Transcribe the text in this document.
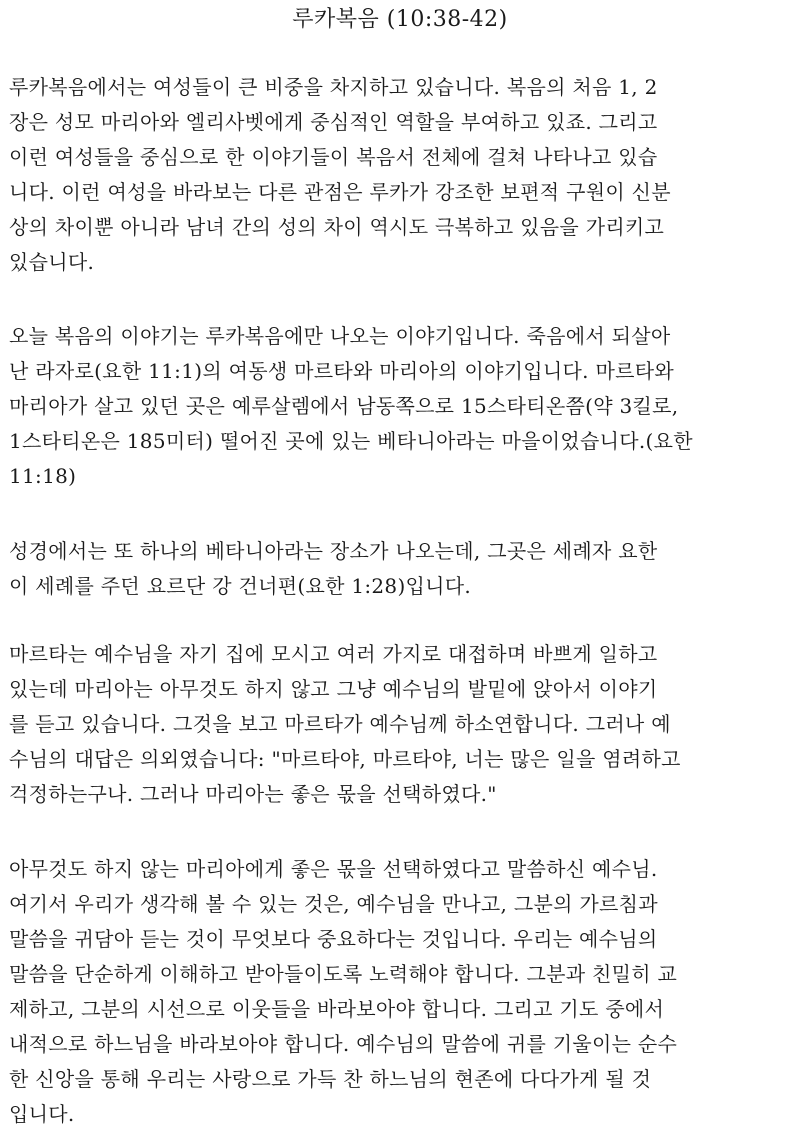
루카복음 (10:38-42)

루카복음에서는 여성들이 큰 비중을 차지하고 있습니다. 복음의 처음 1, 2
장은 성모 마리아와 엘리사벳에게 중심적인 역할을 부여하고 있죠. 그리고
이런 여성들을 중심으로 한 이야기들이 복음서 전체에 걸쳐 나타나고 있습
니다. 이런 여성을 바라보는 다른 관점은 루카가 강조한 보편적 구원이 신분
상의 차이뿐 아니라 남녀 간의 성의 차이 역시도 극복하고 있음을 가리키고
있습니다.

오늘 복음의 이야기는 루카복음에만 나오는 이야기입니다. 죽음에서 되살아
난 라자로(요한 11:1)의 여동생 마르타와 마리아의 이야기입니다. 마르타와
마리아가 살고 있던 곳은 예루살렘에서 남동쪽으로 15스타티온쯤(약 3킬로,
1스타티온은 185미터) 떨어진 곳에 있는 베타니아라는 마을이었습니다.(요한
11:18)

성경에서는 또 하나의 베타니아라는 장소가 나오는데, 그곳은 세례자 요한
이 세례를 주던 요르단 강 건너편(요한 1:28)입니다.

마르타는 예수님을 자기 집에 모시고 여러 가지로 대접하며 바쁘게 일하고
있는데 마리아는 아무것도 하지 않고 그냥 예수님의 발밑에 앉아서 이야기
를 듣고 있습니다. 그것을 보고 마르타가 예수님께 하소연합니다. 그러나 예
수님의 대답은 의외였습니다: "마르타야, 마르타야, 너는 많은 일을 염려하고
걱정하는구나. 그러나 마리아는 좋은 몫을 선택하였다."

아무것도 하지 않는 마리아에게 좋은 몫을 선택하였다고 말씀하신 예수님.
여기서 우리가 생각해 볼 수 있는 것은, 예수님을 만나고, 그분의 가르침과
말씀을 귀담아 듣는 것이 무엇보다 중요하다는 것입니다. 우리는 예수님의
말씀을 단순하게 이해하고 받아들이도록 노력해야 합니다. 그분과 친밀히 교
제하고, 그분의 시선으로 이웃들을 바라보아야 합니다. 그리고 기도 중에서
내적으로 하느님을 바라보아야 합니다. 예수님의 말씀에 귀를 기울이는 순수
한 신앙을 통해 우리는 사랑으로 가득 찬 하느님의 현존에 다다가게 될 것
입니다.
